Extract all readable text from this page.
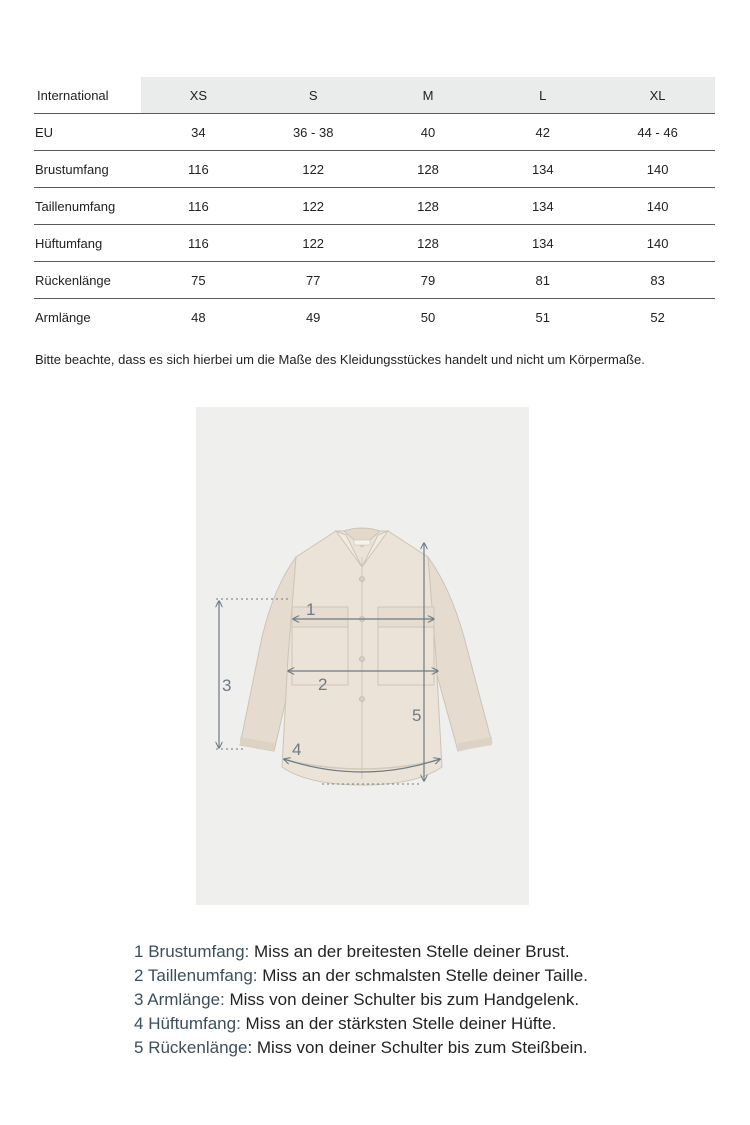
International	XS	S	M	L	XL
EU	34	36 - 38	40	42	44 - 46
Brustumfang	116	122	128	134	140
Taillenumfang	116	122	128	134	140
Hüftumfang	116	122	128	134	140
Rückenlänge	75	77	79	81	83
Armlänge	48	49	50	51	52
Bitte beachte, dass es sich hierbei um die Maße des Kleidungsstückes handelt und nicht um Körpermaße.
1
2
3
4
5
1 Brustumfang: Miss an der breitesten Stelle deiner Brust.
2 Taillenumfang: Miss an der schmalsten Stelle deiner Taille.
3 Armlänge: Miss von deiner Schulter bis zum Handgelenk.
4 Hüftumfang: Miss an der stärksten Stelle deiner Hüfte.
5 Rückenlänge: Miss von deiner Schulter bis zum Steißbein.
